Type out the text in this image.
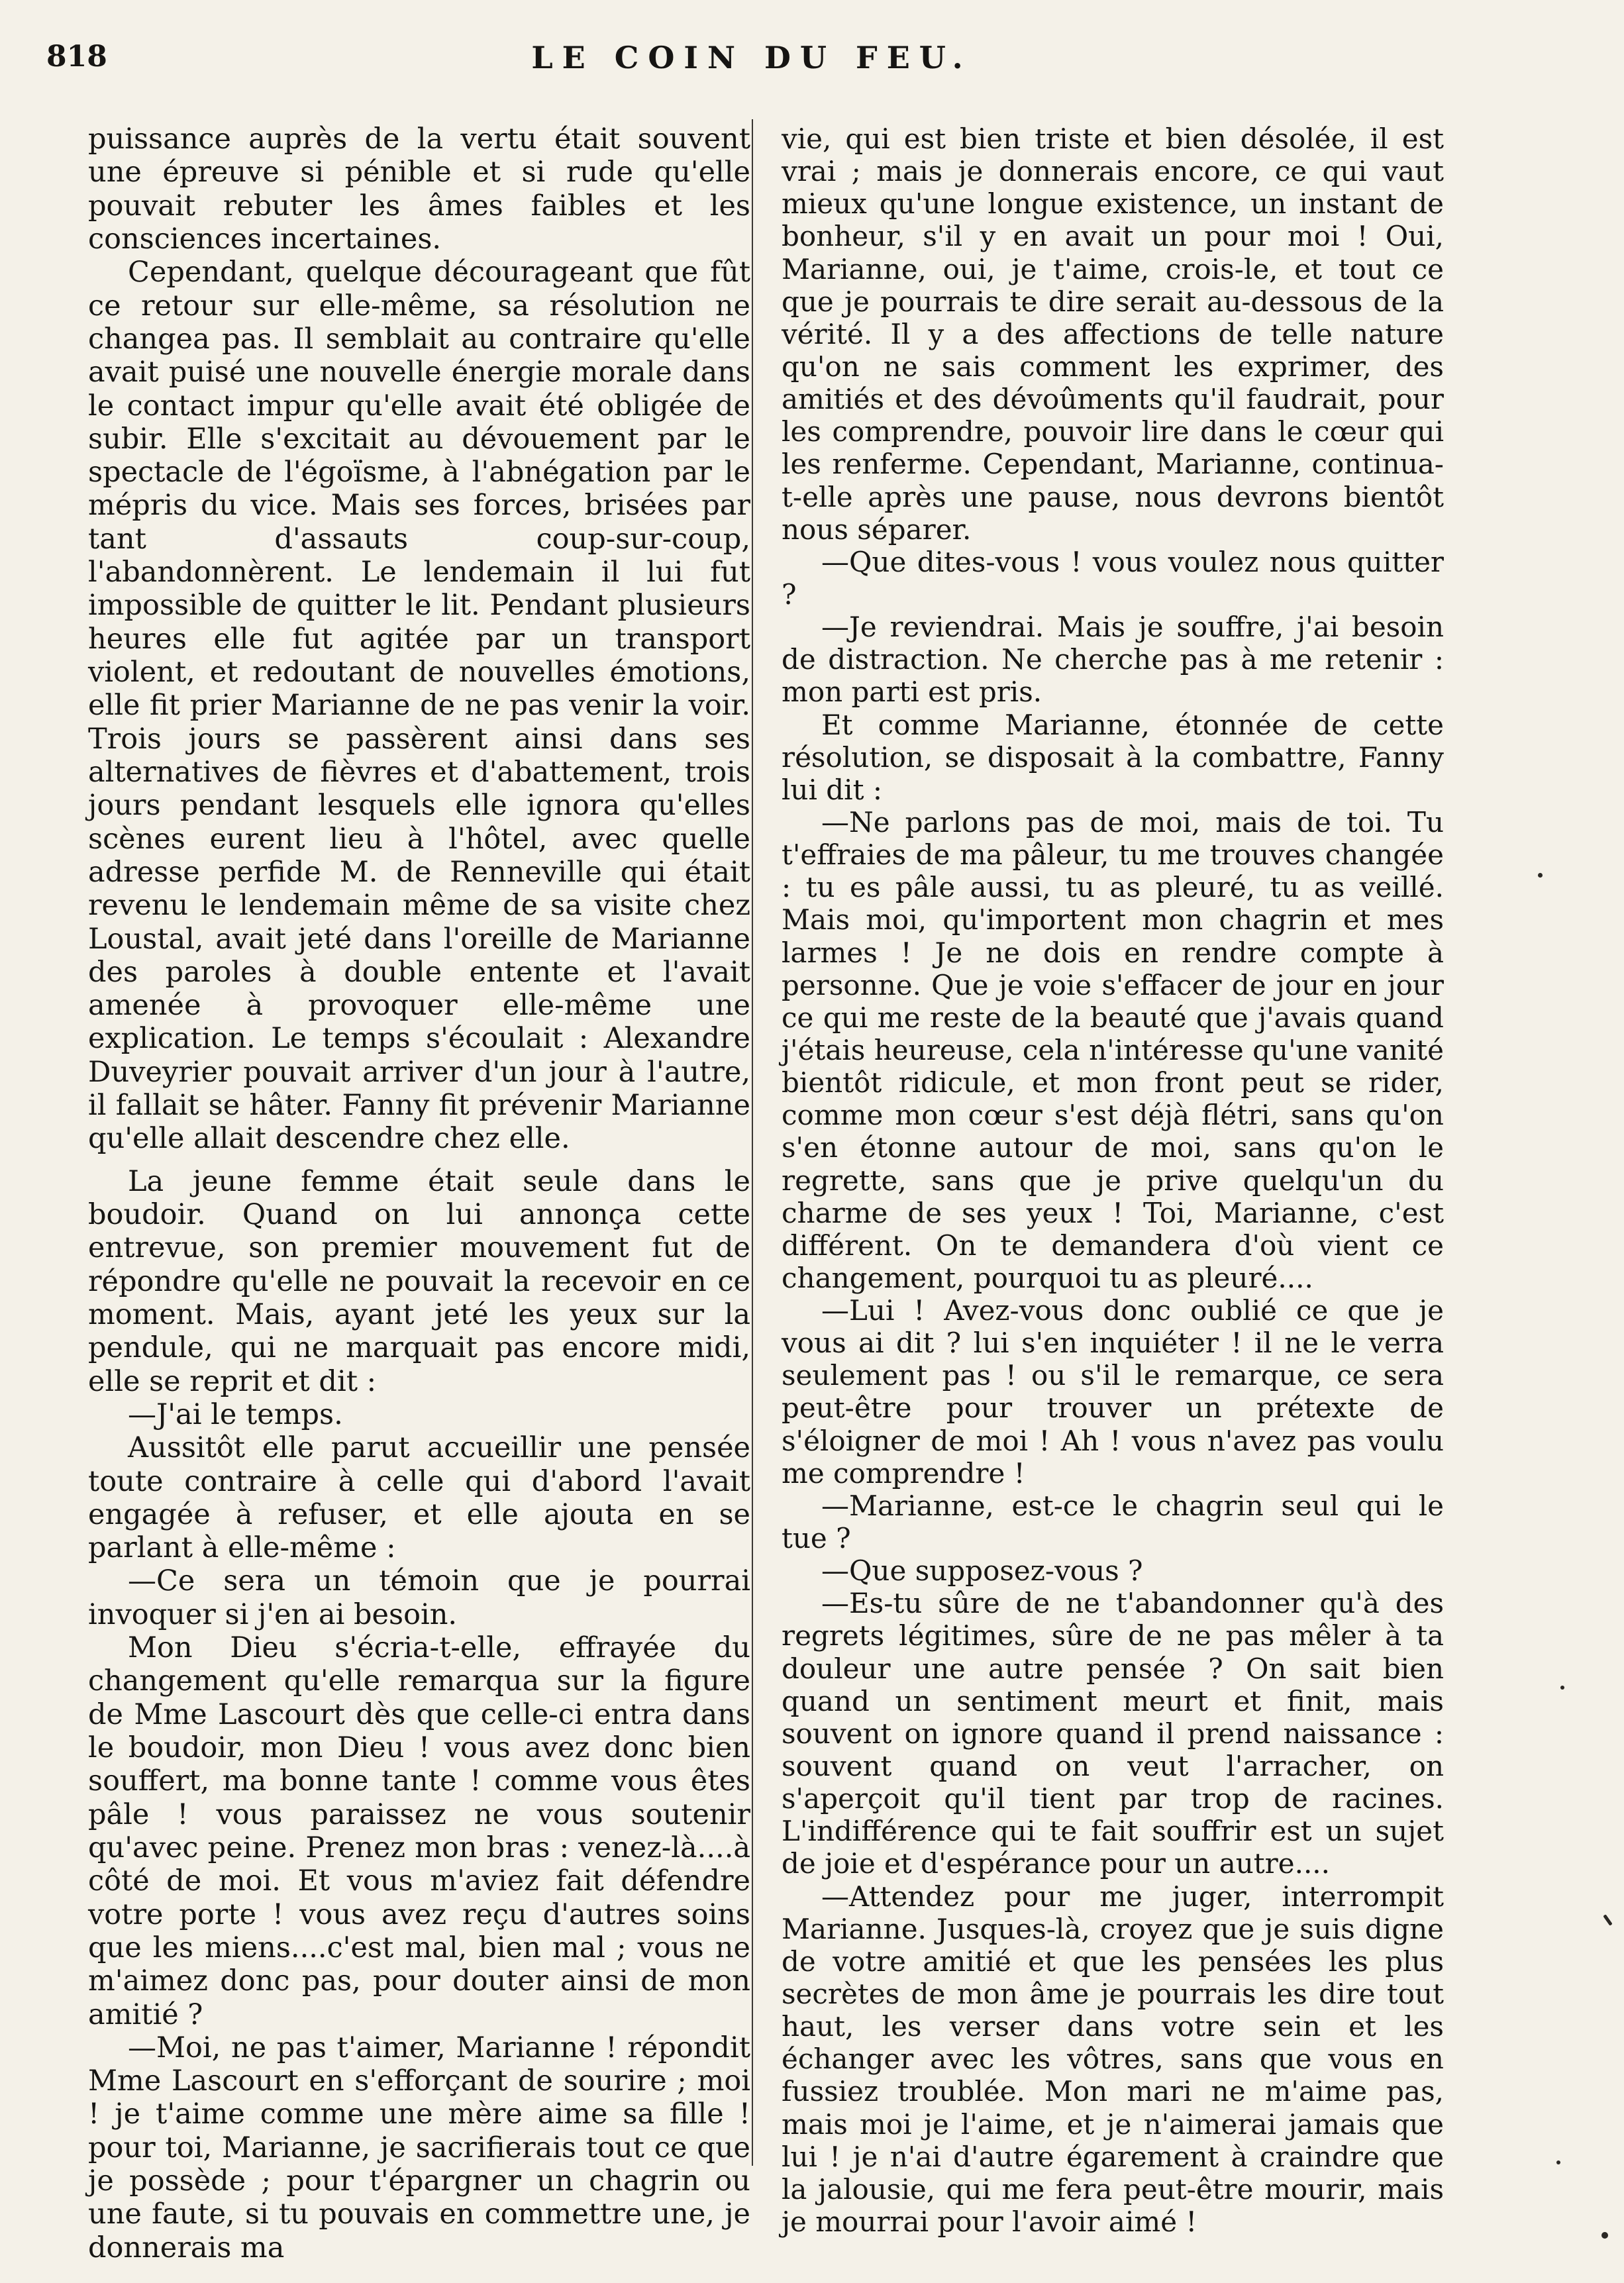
818	LE COIN DU FEU.

puissance auprès de la vertu était souvent une épreuve si pénible et si rude qu'elle pouvait rebuter les âmes faibles et les consciences incertaines.

Cependant, quelque décourageant que fût ce retour sur elle-même, sa résolution ne changea pas. Il semblait au contraire qu'elle avait puisé une nouvelle énergie morale dans le contact impur qu'elle avait été obligée de subir. Elle s'excitait au dévouement par le spectacle de l'égoïsme, à l'abnégation par le mépris du vice. Mais ses forces, brisées par tant d'assauts coup-sur-coup, l'abandonnèrent. Le lendemain il lui fut impossible de quitter le lit. Pendant plusieurs heures elle fut agitée par un transport violent, et redoutant de nouvelles émotions, elle fit prier Marianne de ne pas venir la voir. Trois jours se passèrent ainsi dans ses alternatives de fièvres et d'abattement, trois jours pendant lesquels elle ignora qu'elles scènes eurent lieu à l'hôtel, avec quelle adresse perfide M. de Renneville qui était revenu le lendemain même de sa visite chez Loustal, avait jeté dans l'oreille de Marianne des paroles à double entente et l'avait amenée à provoquer elle-même une explication. Le temps s'écoulait : Alexandre Duveyrier pouvait arriver d'un jour à l'autre, il fallait se hâter. Fanny fit prévenir Marianne qu'elle allait descendre chez elle.

La jeune femme était seule dans le boudoir. Quand on lui annonça cette entrevue, son premier mouvement fut de répondre qu'elle ne pouvait la recevoir en ce moment. Mais, ayant jeté les yeux sur la pendule, qui ne marquait pas encore midi, elle se reprit et dit :

—J'ai le temps.

Aussitôt elle parut accueillir une pensée toute contraire à celle qui d'abord l'avait engagée à refuser, et elle ajouta en se parlant à elle-même :

—Ce sera un témoin que je pourrai invoquer si j'en ai besoin.

Mon Dieu s'écria-t-elle, effrayée du changement qu'elle remarqua sur la figure de Mme Lascourt dès que celle-ci entra dans le boudoir, mon Dieu ! vous avez donc bien souffert, ma bonne tante ! comme vous êtes pâle ! vous paraissez ne vous soutenir qu'avec peine. Prenez mon bras : venez-là....à côté de moi. Et vous m'aviez fait défendre votre porte ! vous avez reçu d'autres soins que les miens....c'est mal, bien mal ; vous ne m'aimez donc pas, pour douter ainsi de mon amitié ?

—Moi, ne pas t'aimer, Marianne ! répondit Mme Lascourt en s'efforçant de sourire ; moi ! je t'aime comme une mère aime sa fille ! pour toi, Marianne, je sacrifierais tout ce que je possède ; pour t'épargner un chagrin ou une faute, si tu pouvais en commettre une, je donnerais ma

vie, qui est bien triste et bien désolée, il est vrai ; mais je donnerais encore, ce qui vaut mieux qu'une longue existence, un instant de bonheur, s'il y en avait un pour moi ! Oui, Marianne, oui, je t'aime, crois-le, et tout ce que je pourrais te dire serait au-dessous de la vérité. Il y a des affections de telle nature qu'on ne sais comment les exprimer, des amitiés et des dévoûments qu'il faudrait, pour les comprendre, pouvoir lire dans le cœur qui les renferme. Cependant, Marianne, continua-t-elle après une pause, nous devrons bientôt nous séparer.

—Que dites-vous ! vous voulez nous quitter ?

—Je reviendrai. Mais je souffre, j'ai besoin de distraction. Ne cherche pas à me retenir : mon parti est pris.

Et comme Marianne, étonnée de cette résolution, se disposait à la combattre, Fanny lui dit :

—Ne parlons pas de moi, mais de toi. Tu t'effraies de ma pâleur, tu me trouves changée : tu es pâle aussi, tu as pleuré, tu as veillé. Mais moi, qu'importent mon chagrin et mes larmes ! Je ne dois en rendre compte à personne. Que je voie s'effacer de jour en jour ce qui me reste de la beauté que j'avais quand j'étais heureuse, cela n'intéresse qu'une vanité bientôt ridicule, et mon front peut se rider, comme mon cœur s'est déjà flétri, sans qu'on s'en étonne autour de moi, sans qu'on le regrette, sans que je prive quelqu'un du charme de ses yeux ! Toi, Marianne, c'est différent. On te demandera d'où vient ce changement, pourquoi tu as pleuré....

—Lui ! Avez-vous donc oublié ce que je vous ai dit ? lui s'en inquiéter ! il ne le verra seulement pas ! ou s'il le remarque, ce sera peut-être pour trouver un prétexte de s'éloigner de moi ! Ah ! vous n'avez pas voulu me comprendre !

—Marianne, est-ce le chagrin seul qui le tue ?

—Que supposez-vous ?

—Es-tu sûre de ne t'abandonner qu'à des regrets légitimes, sûre de ne pas mêler à ta douleur une autre pensée ? On sait bien quand un sentiment meurt et finit, mais souvent on ignore quand il prend naissance : souvent quand on veut l'arracher, on s'aperçoit qu'il tient par trop de racines. L'indifférence qui te fait souffrir est un sujet de joie et d'espérance pour un autre....

—Attendez pour me juger, interrompit Marianne. Jusques-là, croyez que je suis digne de votre amitié et que les pensées les plus secrètes de mon âme je pourrais les dire tout haut, les verser dans votre sein et les échanger avec les vôtres, sans que vous en fussiez troublée. Mon mari ne m'aime pas, mais moi je l'aime, et je n'aimerai jamais que lui ! je n'ai d'autre égarement à craindre que la jalousie, qui me fera peut-être mourir, mais je mourrai pour l'avoir aimé !
